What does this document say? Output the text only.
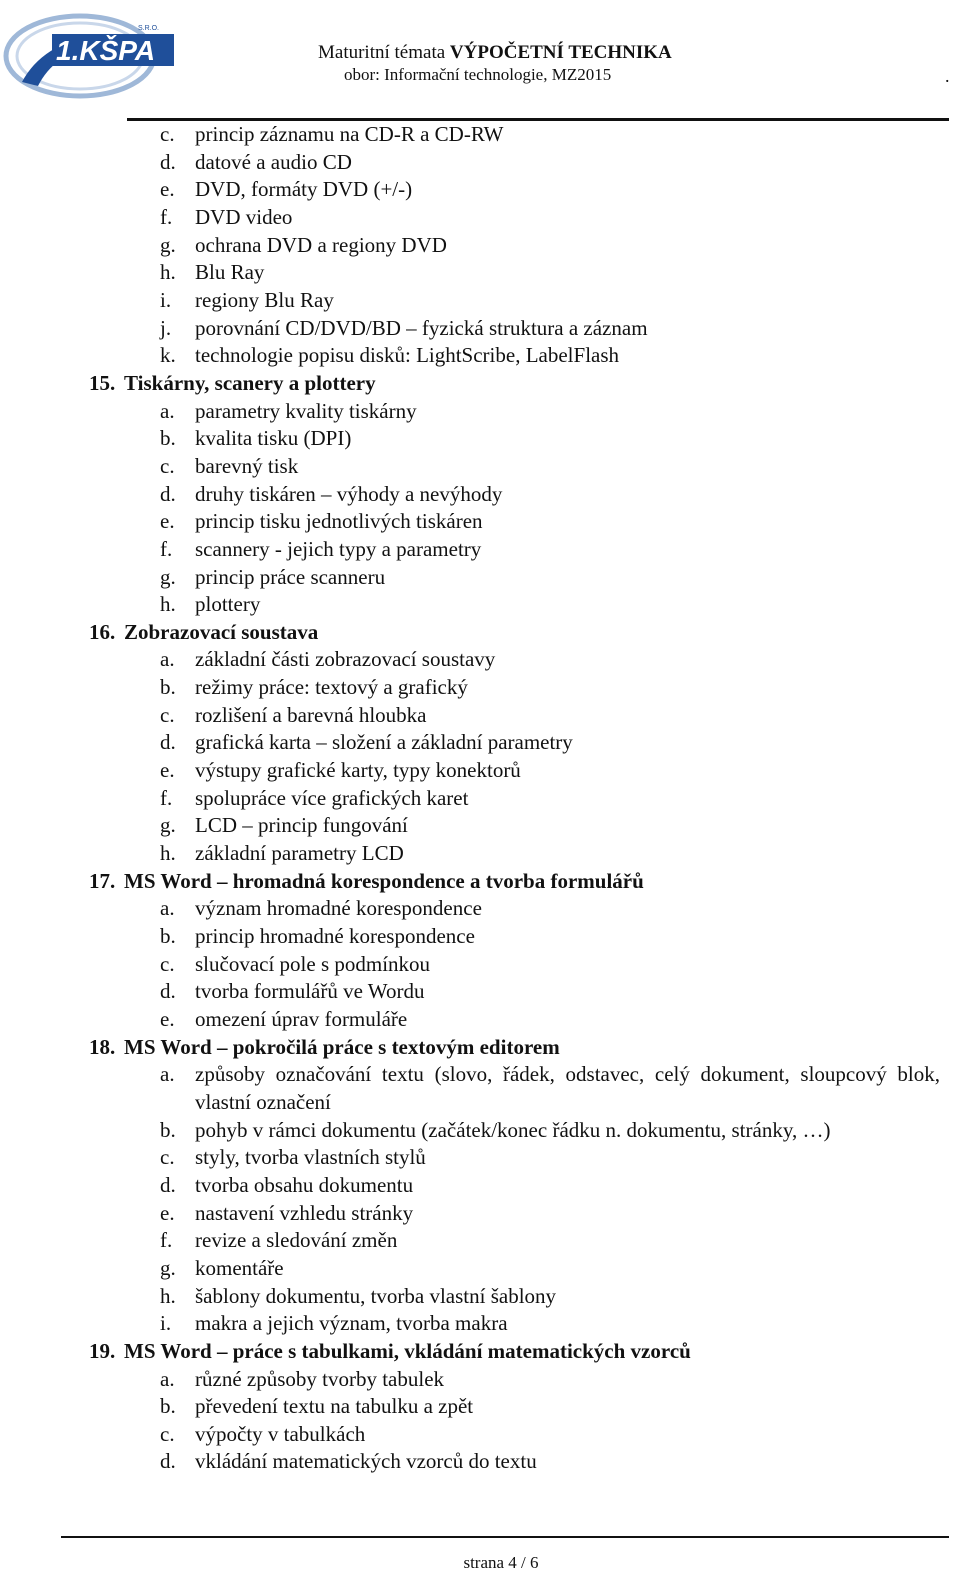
1.KŠPA
S.R.O.
Maturitní témata VÝPOČETNÍ TECHNIKA
obor: Informační technologie, MZ2015	.
c. princip záznamu na CD-R a CD-RW
d. datové a audio CD
e. DVD, formáty DVD (+/-)
f. DVD video
g. ochrana DVD a regiony DVD
h. Blu Ray
i. regiony Blu Ray
j. porovnání CD/DVD/BD – fyzická struktura a záznam
k. technologie popisu disků: LightScribe, LabelFlash
15. Tiskárny, scanery a plottery
a. parametry kvality tiskárny
b. kvalita tisku (DPI)
c. barevný tisk
d. druhy tiskáren – výhody a nevýhody
e. princip tisku jednotlivých tiskáren
f. scannery - jejich typy a parametry
g. princip práce scanneru
h. plottery
16. Zobrazovací soustava
a. základní části zobrazovací soustavy
b. režimy práce: textový a grafický
c. rozlišení a barevná hloubka
d. grafická karta – složení a základní parametry
e. výstupy grafické karty, typy konektorů
f. spolupráce více grafických karet
g. LCD – princip fungování
h. základní parametry LCD
17. MS Word – hromadná korespondence a tvorba formulářů
a. význam hromadné korespondence
b. princip hromadné korespondence
c. slučovací pole s podmínkou
d. tvorba formulářů ve Wordu
e. omezení úprav formuláře
18. MS Word – pokročilá práce s textovým editorem
a. způsoby označování textu (slovo, řádek, odstavec, celý dokument, sloupcový blok, vlastní označení
b. pohyb v rámci dokumentu (začátek/konec řádku n. dokumentu, stránky, …)
c. styly, tvorba vlastních stylů
d. tvorba obsahu dokumentu
e. nastavení vzhledu stránky
f. revize a sledování změn
g. komentáře
h. šablony dokumentu, tvorba vlastní šablony
i. makra a jejich význam, tvorba makra
19. MS Word – práce s tabulkami, vkládání matematických vzorců
a. různé způsoby tvorby tabulek
b. převedení textu na tabulku a zpět
c. výpočty v tabulkách
d. vkládání matematických vzorců do textu
strana 4 / 6
